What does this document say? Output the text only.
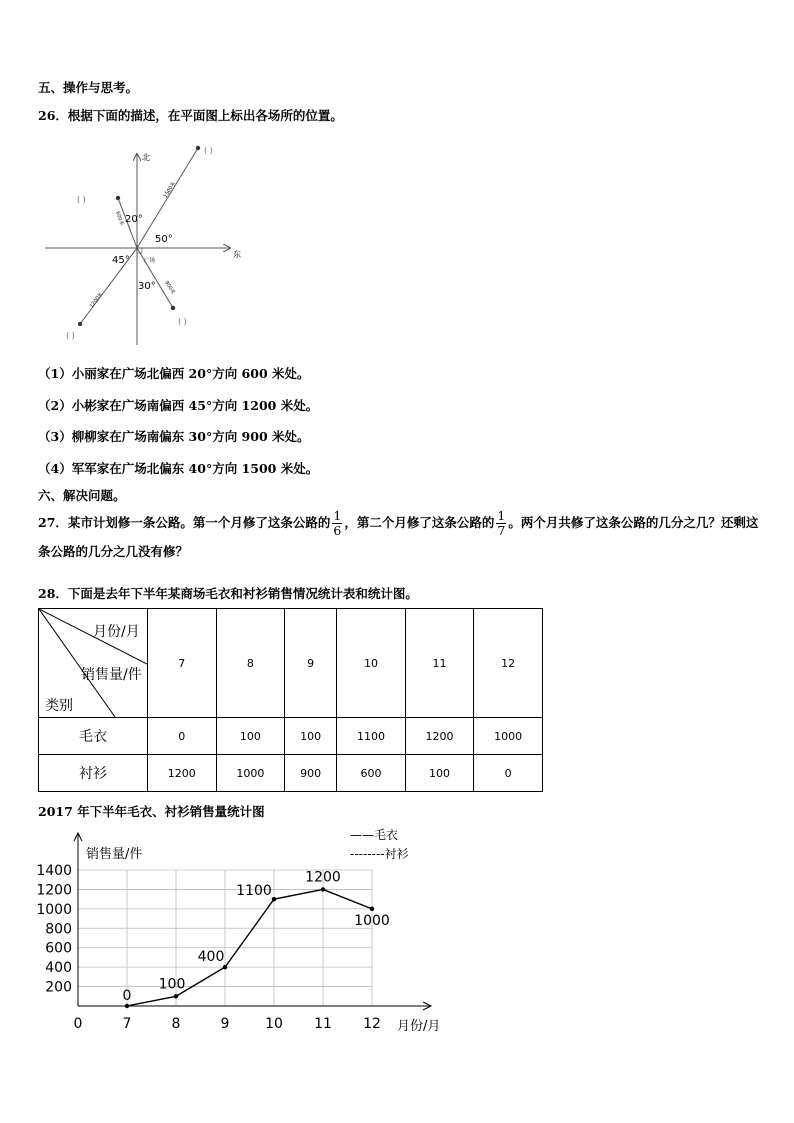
五、操作与思考。
26．根据下面的描述，在平面图上标出各场所的位置。
北
东
20°
50°
45°
30°
广场
600米
1500米
1200米
900米
( )
( )
( )
( )
（1）小丽家在广场北偏西 20°方向 600 米处。
（2）小彬家在广场南偏西 45°方向 1200 米处。
（3）柳柳家在广场南偏东 30°方向 900 米处。
（4）军军家在广场北偏东 40°方向 1500 米处。
六、解决问题。
27．某市计划修一条公路。第一个月修了这条公路的 $\frac{1}{6}$ ，第二个月修了这条公路的 $\frac{1}{7}$ 。两个月共修了这条公路的几分之几？还剩这条公路的几分之几没有修？
28．下面是去年下半年某商场毛衣和衬衫销售情况统计表和统计图。
月份/月
销售量/件
类别	7	8	9	10	11	12
毛衣	0	100	100	1100	1200	1000
衬衫	1200	1000	900	600	100	0
2017 年下半年毛衣、衬衫销售量统计图
200
400
600
800
1000
1200
1400
0	7	8	9	10 11 12 月份/月
销售量/件
——毛衣
--------衬衫
0
100
400
1100
1200
1000
